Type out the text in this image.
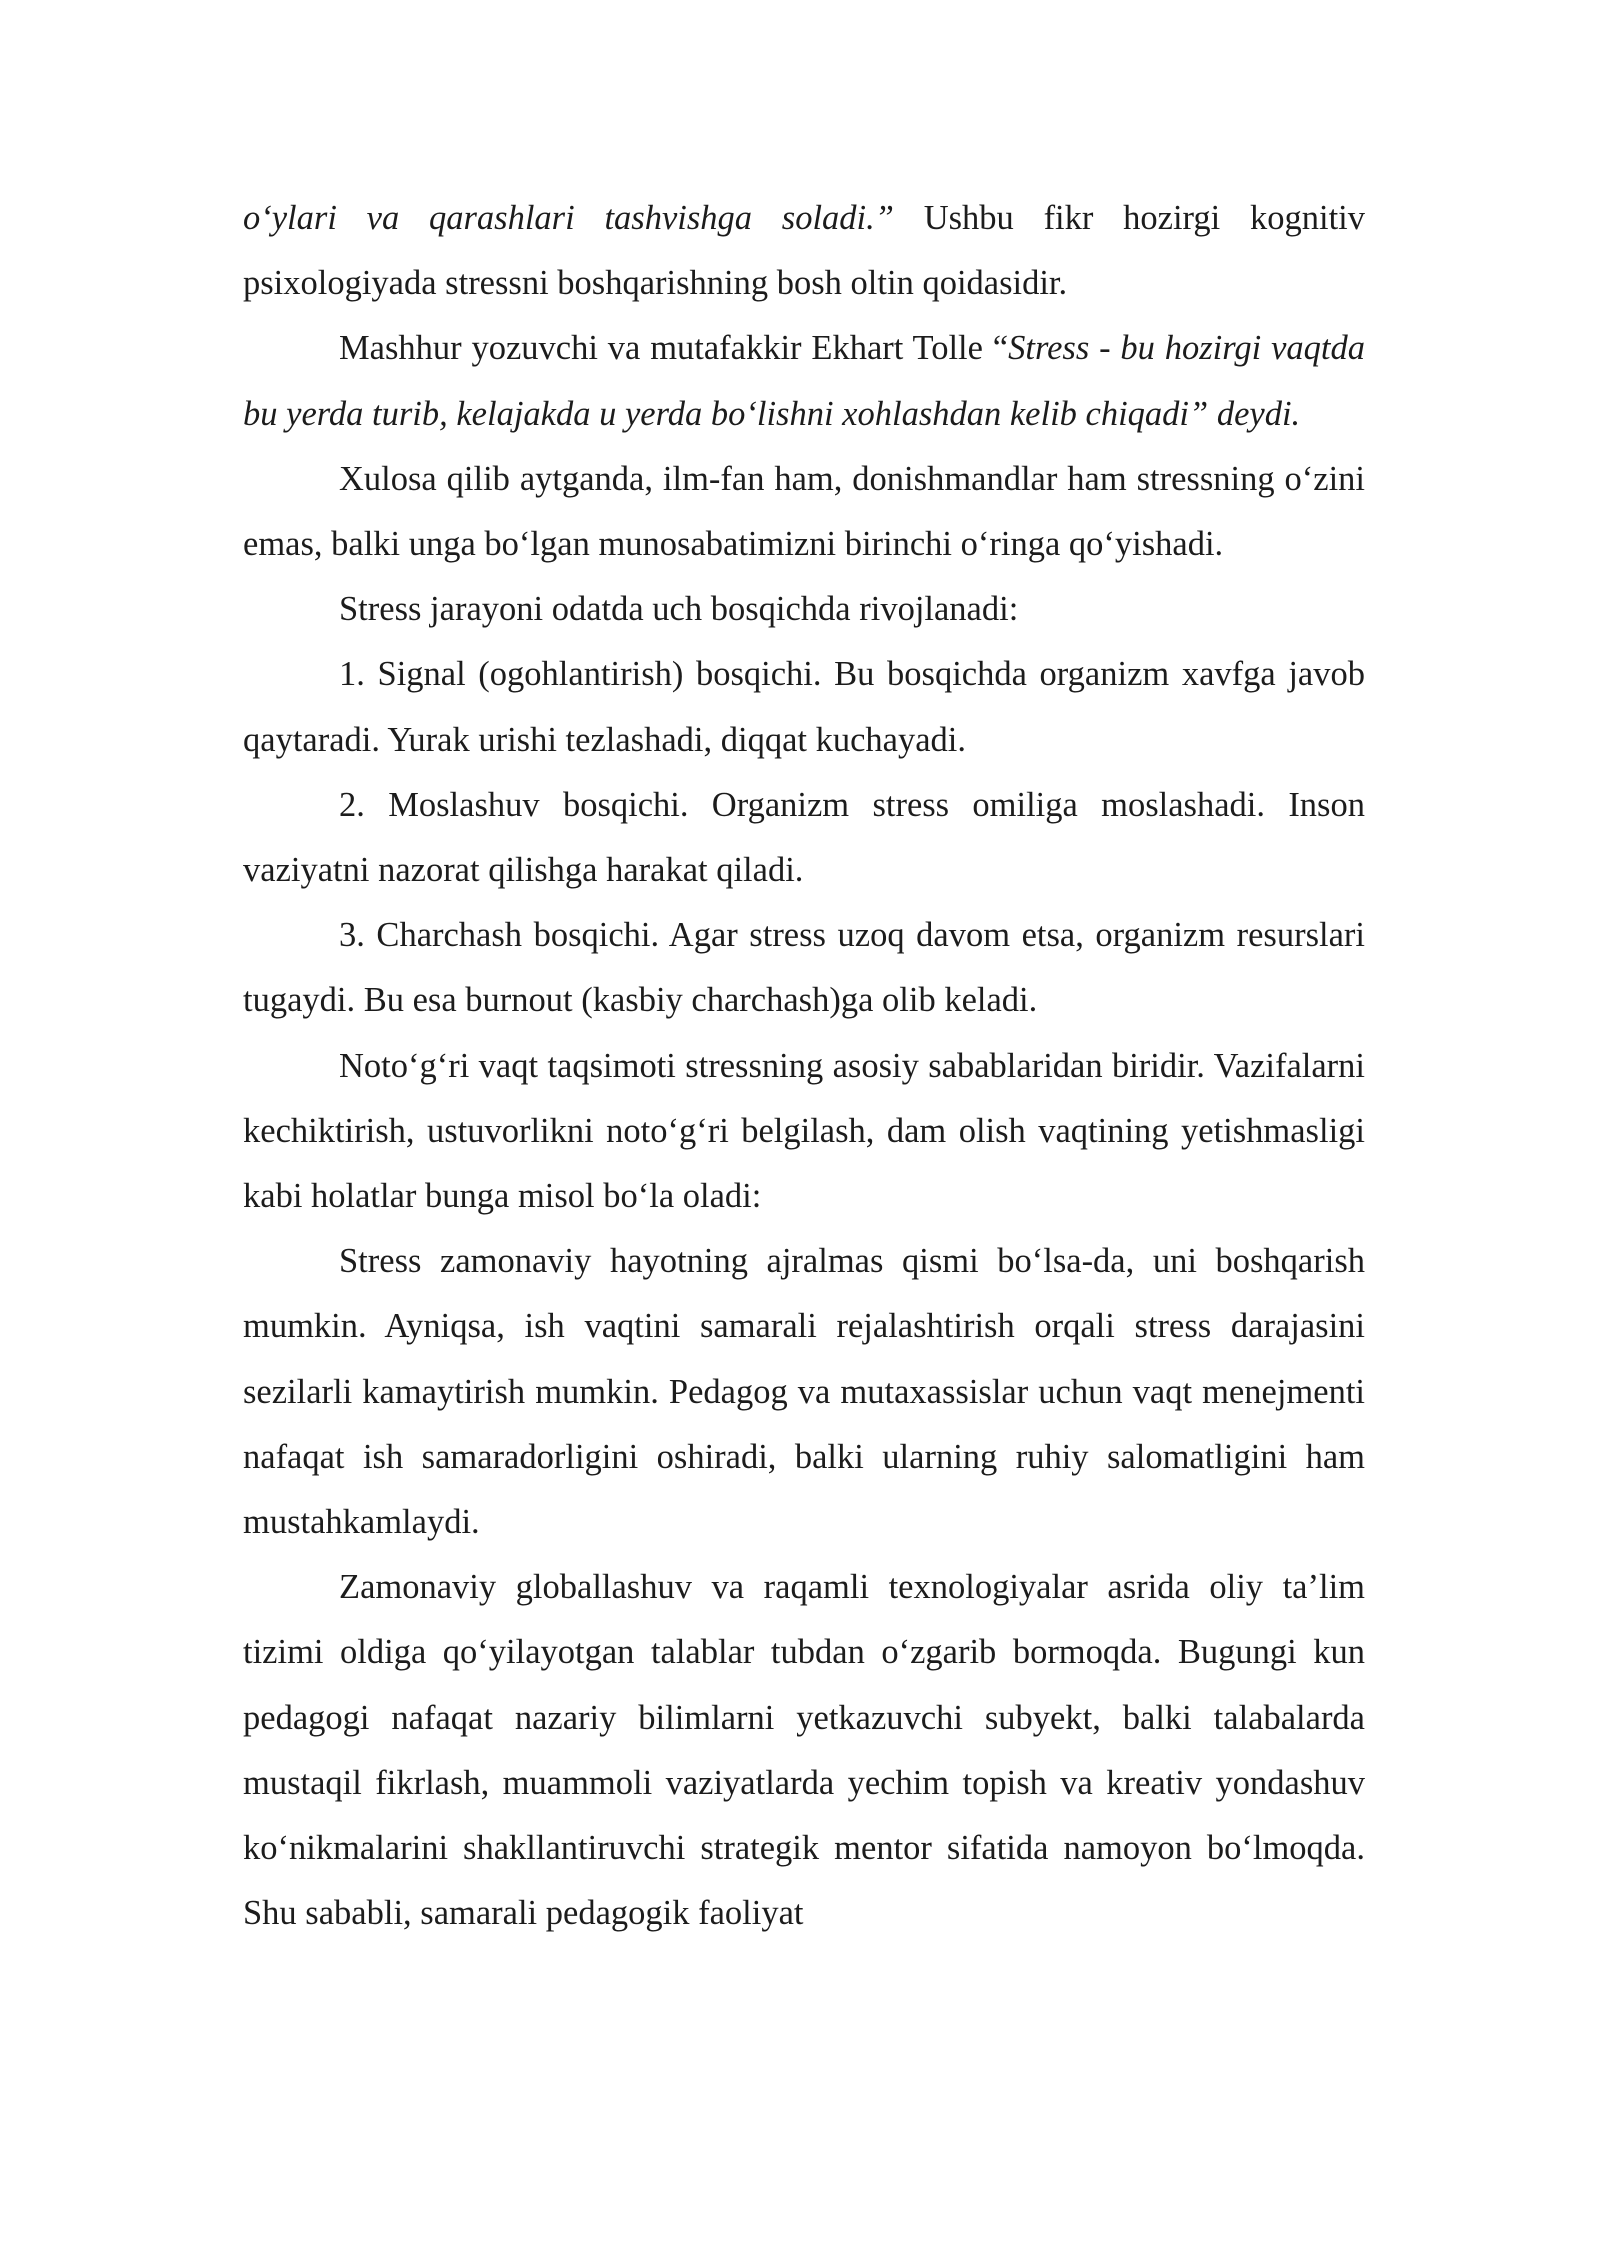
o‘ylari va qarashlari tashvishga soladi.” Ushbu fikr hozirgi kognitiv psixologiyada stressni boshqarishning bosh oltin qoidasidir.

Mashhur yozuvchi va mutafakkir Ekhart Tolle “Stress - bu hozirgi vaqtda bu yerda turib, kelajakda u yerda bo‘lishni xohlashdan kelib chiqadi” deydi.

Xulosa qilib aytganda, ilm-fan ham, donishmandlar ham stressning o‘zini emas, balki unga bo‘lgan munosabatimizni birinchi o‘ringa qo‘yishadi.

Stress jarayoni odatda uch bosqichda rivojlanadi:

1. Signal (ogohlantirish) bosqichi. Bu bosqichda organizm xavfga javob qaytaradi. Yurak urishi tezlashadi, diqqat kuchayadi.

2. Moslashuv bosqichi. Organizm stress omiliga moslashadi. Inson vaziyatni nazorat qilishga harakat qiladi.

3. Charchash bosqichi. Agar stress uzoq davom etsa, organizm resurslari tugaydi. Bu esa burnout (kasbiy charchash)ga olib keladi.

Noto‘g‘ri vaqt taqsimoti stressning asosiy sabablaridan biridir. Vazifalarni kechiktirish, ustuvorlikni noto‘g‘ri belgilash, dam olish vaqtining yetishmasligi kabi holatlar bunga misol bo‘la oladi:

Stress zamonaviy hayotning ajralmas qismi bo‘lsa-da, uni boshqarish mumkin. Ayniqsa, ish vaqtini samarali rejalashtirish orqali stress darajasini sezilarli kamaytirish mumkin. Pedagog va mutaxassislar uchun vaqt menejmenti nafaqat ish samaradorligini oshiradi, balki ularning ruhiy salomatligini ham mustahkamlaydi.

Zamonaviy globallashuv va raqamli texnologiyalar asrida oliy ta’lim tizimi oldiga qo‘yilayotgan talablar tubdan o‘zgarib bormoqda. Bugungi kun pedagogi nafaqat nazariy bilimlarni yetkazuvchi subyekt, balki talabalarda mustaqil fikrlash, muammoli vaziyatlarda yechim topish va kreativ yondashuv ko‘nikmalarini shakllantiruvchi strategik mentor sifatida namoyon bo‘lmoqda. Shu sababli, samarali pedagogik faoliyat
